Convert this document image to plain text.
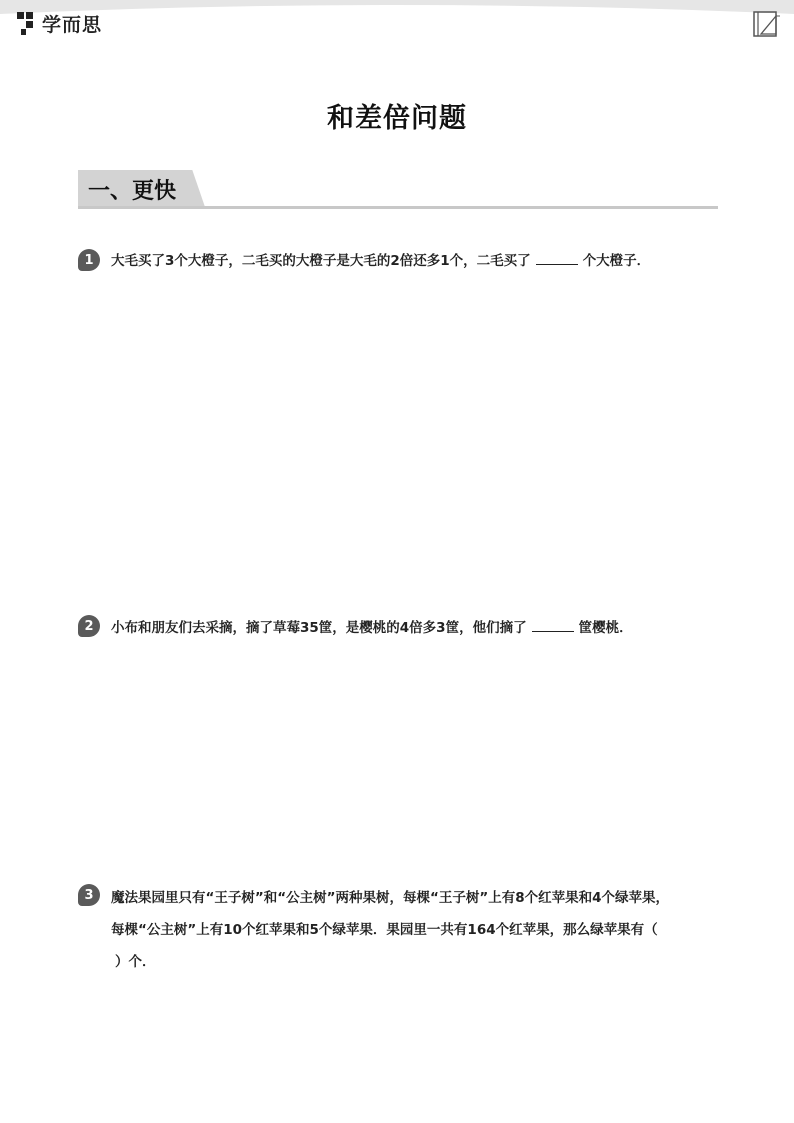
学而思
和差倍问题
一、更快
1	大毛买了3个大橙子，二毛买的大橙子是大毛的2倍还多1个，二毛买了	个大橙子．
2	小布和朋友们去采摘，摘了草莓35筐，是樱桃的4倍多3筐，他们摘了	筐樱桃．
3	魔法果园里只有“王子树”和“公主树”两种果树，每棵“王子树”上有8个红苹果和4个绿苹果，
每棵“公主树”上有10个红苹果和5个绿苹果．果园里一共有164个红苹果，那么绿苹果有（
）个．
